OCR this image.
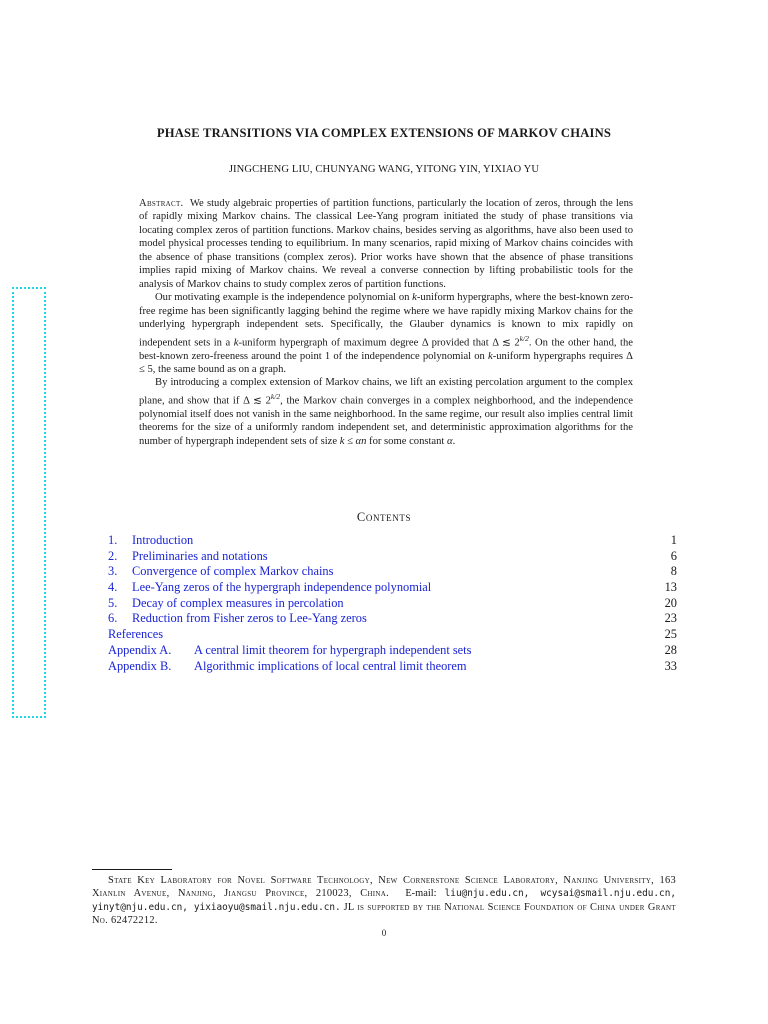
PHASE TRANSITIONS VIA COMPLEX EXTENSIONS OF MARKOV CHAINS
JINGCHENG LIU, CHUNYANG WANG, YITONG YIN, YIXIAO YU

Abstract. We study algebraic properties of partition functions, particularly the location of zeros, through the lens of rapidly mixing Markov chains. The classical Lee-Yang program initiated the study of phase transitions via locating complex zeros of partition functions. Markov chains, besides serving as algorithms, have also been used to model physical processes tending to equilibrium. In many scenarios, rapid mixing of Markov chains coincides with the absence of phase transitions (complex zeros). Prior works have shown that the absence of phase transitions implies rapid mixing of Markov chains. We reveal a converse connection by lifting probabilistic tools for the analysis of Markov chains to study complex zeros of partition functions.

Our motivating example is the independence polynomial on k-uniform hypergraphs, where the best-known zero-free regime has been significantly lagging behind the regime where we have rapidly mixing Markov chains for the underlying hypergraph independent sets. Specifically, the Glauber dynamics is known to mix rapidly on independent sets in a k-uniform hypergraph of maximum degree Δ provided that Δ ≲ $2^{k/2}$. On the other hand, the best-known zero-freeness around the point 1 of the independence polynomial on k-uniform hypergraphs requires Δ ≤ 5, the same bound as on a graph.

By introducing a complex extension of Markov chains, we lift an existing percolation argument to the complex plane, and show that if Δ ≲ $2^{k/2}$, the Markov chain converges in a complex neighborhood, and the independence polynomial itself does not vanish in the same neighborhood. In the same regime, our result also implies central limit theorems for the size of a uniformly random independent set, and deterministic approximation algorithms for the number of hypergraph independent sets of size k ≤ αn for some constant α.

Contents
1.	Introduction	1
2.	Preliminaries and notations	6
3.	Convergence of complex Markov chains	8
4.	Lee-Yang zeros of the hypergraph independence polynomial	13
5.	Decay of complex measures in percolation	20
6.	Reduction from Fisher zeros to Lee-Yang zeros	23
References	25
Appendix A.	A central limit theorem for hypergraph independent sets	28
Appendix B.	Algorithmic implications of local central limit theorem	33

State Key Laboratory for Novel Software Technology, New Cornerstone Science Laboratory, Nanjing University, 163 Xianlin Avenue, Nanjing, Jiangsu Province, 210023, China. E-mail: liu@nju.edu.cn, wcysai@smail.nju.edu.cn, yinyt@nju.edu.cn, yixiaoyu@smail.nju.edu.cn. JL is supported by the National Science Foundation of China under Grant No. 62472212.

0
